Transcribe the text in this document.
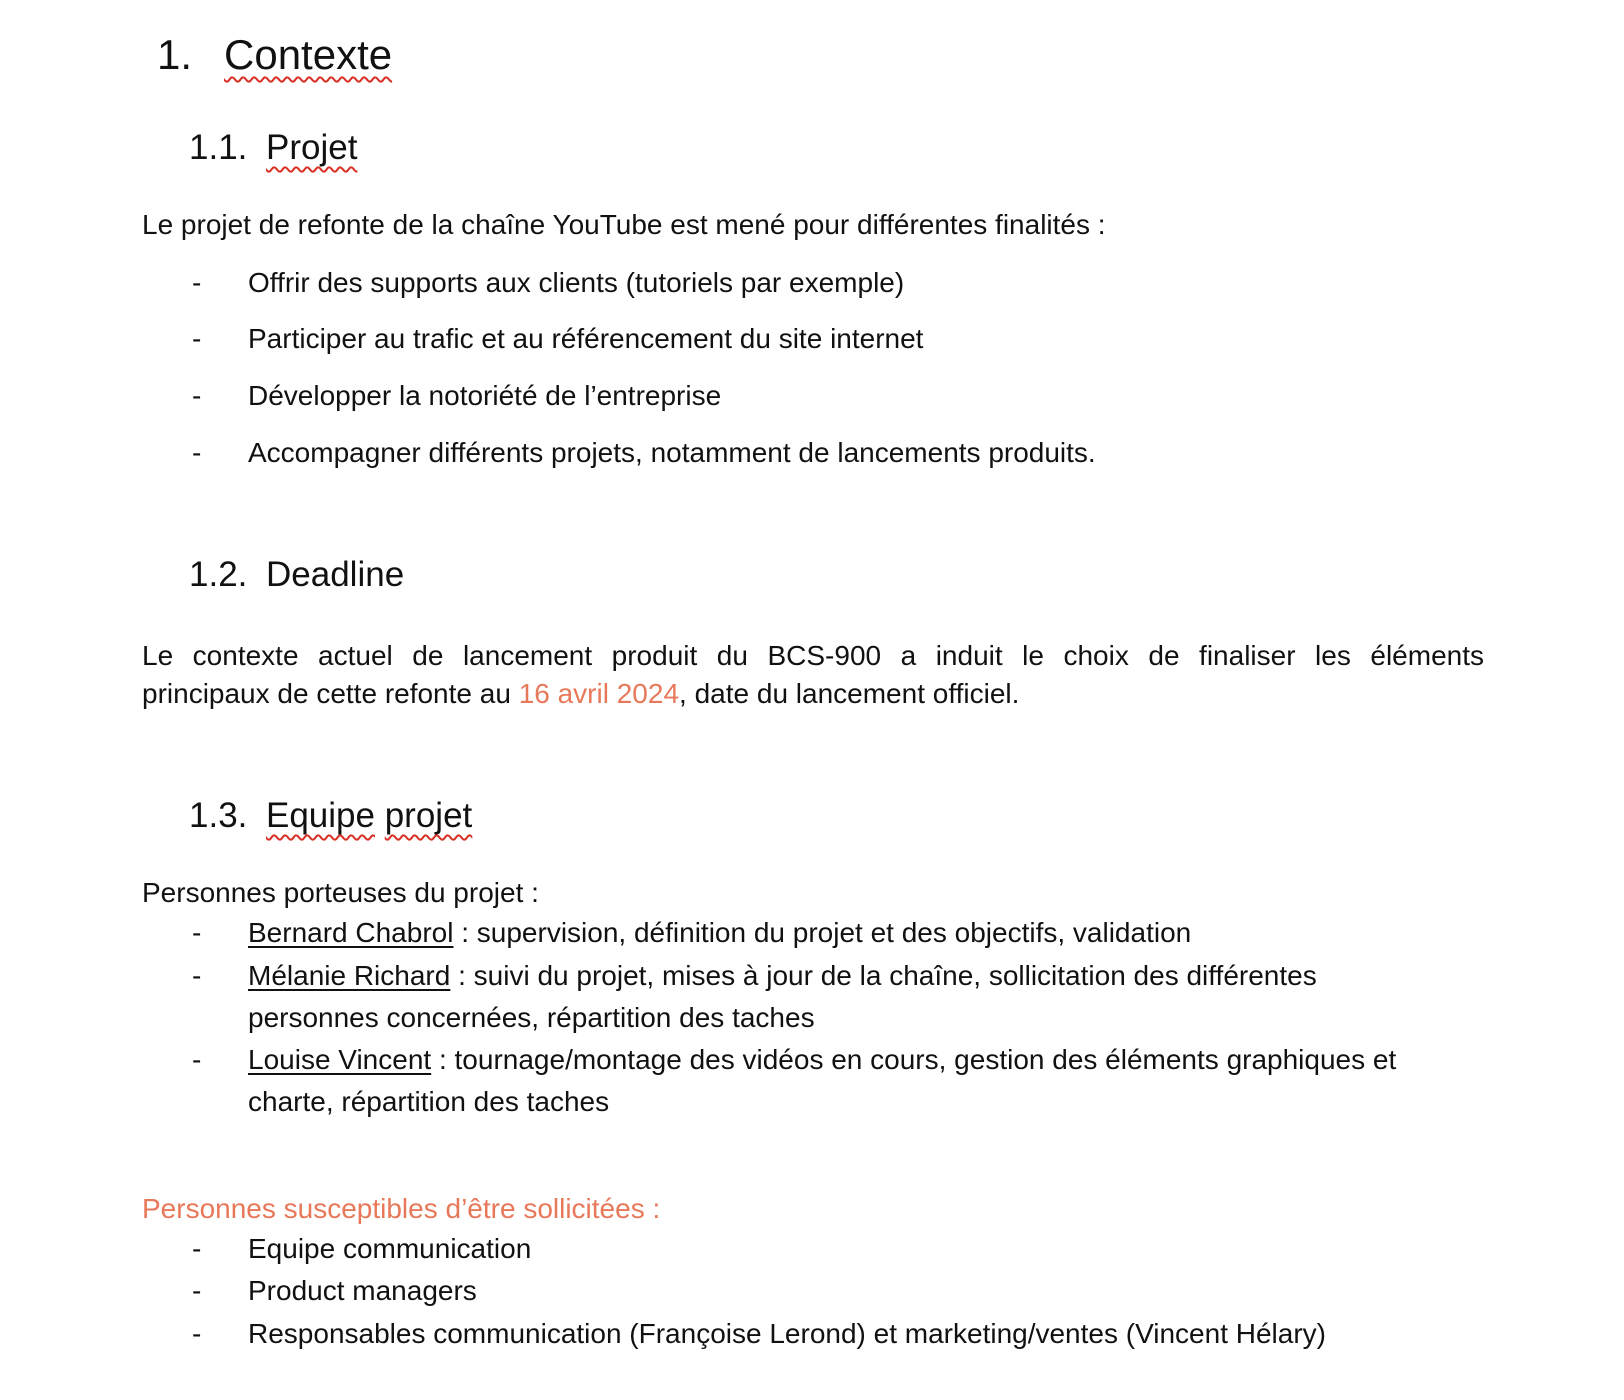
1. Contexte
1.1. Projet
Le projet de refonte de la chaîne YouTube est mené pour différentes finalités :
- Offrir des supports aux clients (tutoriels par exemple)
- Participer au trafic et au référencement du site internet
- Développer la notoriété de l’entreprise
- Accompagner différents projets, notamment de lancements produits.
1.2. Deadline
Le contexte actuel de lancement produit du BCS-900 a induit le choix de finaliser les éléments
principaux de cette refonte au 16 avril 2024, date du lancement officiel.
1.3. Equipe projet
Personnes porteuses du projet :
- Bernard Chabrol : supervision, définition du projet et des objectifs, validation
- Mélanie Richard : suivi du projet, mises à jour de la chaîne, sollicitation des différentes
personnes concernées, répartition des taches
- Louise Vincent : tournage/montage des vidéos en cours, gestion des éléments graphiques et
charte, répartition des taches
Personnes susceptibles d’être sollicitées :
- Equipe communication
- Product managers
- Responsables communication (Françoise Lerond) et marketing/ventes (Vincent Hélary)
